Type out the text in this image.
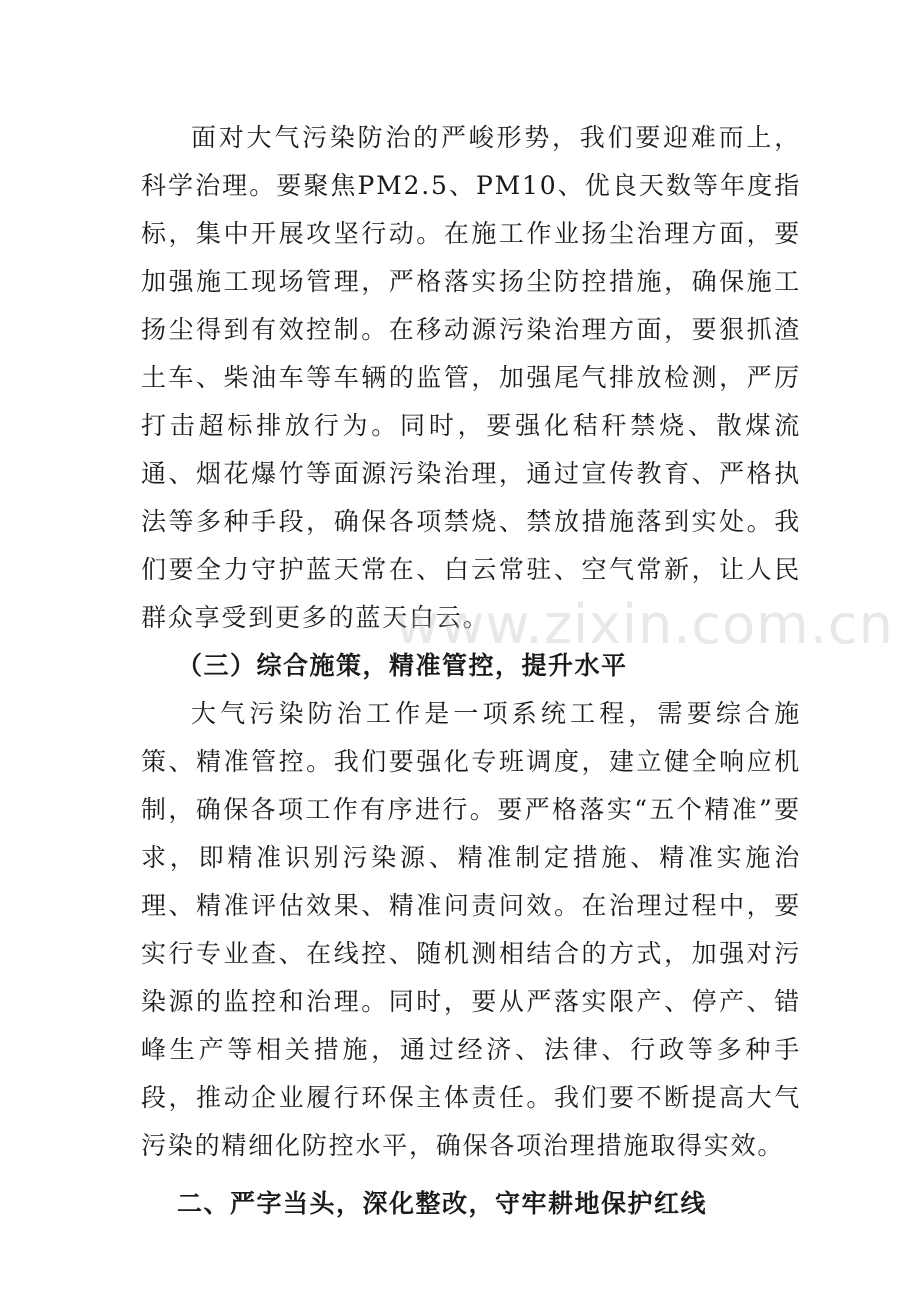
面对大气污染防治的严峻形势，我们要迎难而上，科学治理。要聚焦PM2.5、PM10、优良天数等年度指标，集中开展攻坚行动。在施工作业扬尘治理方面，要加强施工现场管理，严格落实扬尘防控措施，确保施工扬尘得到有效控制。在移动源污染治理方面，要狠抓渣土车、柴油车等车辆的监管，加强尾气排放检测，严厉打击超标排放行为。同时，要强化秸秆禁烧、散煤流通、烟花爆竹等面源污染治理，通过宣传教育、严格执法等多种手段，确保各项禁烧、禁放措施落到实处。我们要全力守护蓝天常在、白云常驻、空气常新，让人民群众享受到更多的蓝天白云。

（三）综合施策，精准管控，提升水平

大气污染防治工作是一项系统工程，需要综合施策、精准管控。我们要强化专班调度，建立健全响应机制，确保各项工作有序进行。要严格落实“五个精准”要求，即精准识别污染源、精准制定措施、精准实施治理、精准评估效果、精准问责问效。在治理过程中，要实行专业查、在线控、随机测相结合的方式，加强对污染源的监控和治理。同时，要从严落实限产、停产、错峰生产等相关措施，通过经济、法律、行政等多种手段，推动企业履行环保主体责任。我们要不断提高大气污染的精细化防控水平，确保各项治理措施取得实效。

二、严字当头，深化整改，守牢耕地保护红线

www.zixin.com.cn
